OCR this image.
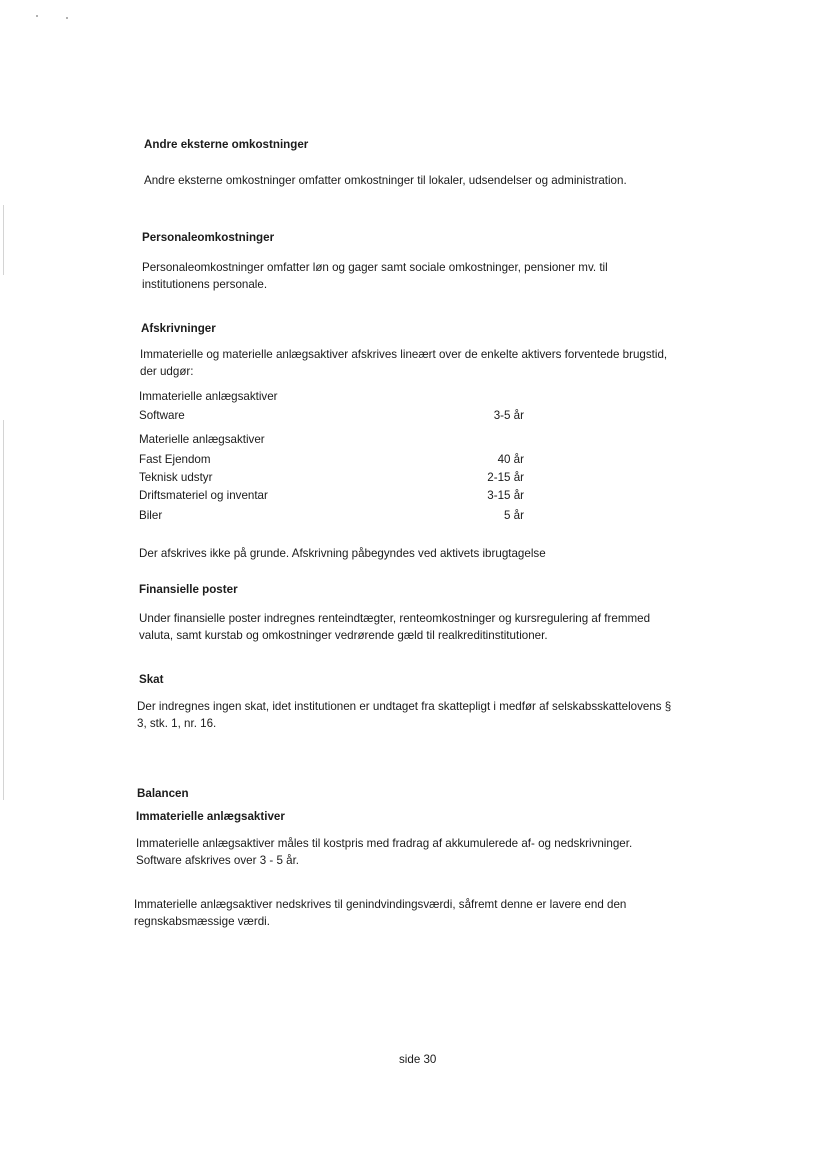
Andre eksterne omkostninger
Andre eksterne omkostninger omfatter omkostninger til lokaler, udsendelser og administration.
Personaleomkostninger
Personaleomkostninger omfatter løn og gager samt sociale omkostninger, pensioner mv. til
institutionens personale.
Afskrivninger
Immaterielle og materielle anlægsaktiver afskrives lineært over de enkelte aktivers forventede brugstid,
der udgør:
Immaterielle anlægsaktiver
Software	3-5 år
Materielle anlægsaktiver
Fast Ejendom	40 år
Teknisk udstyr	2-15 år
Driftsmateriel og inventar	3-15 år
Biler	5 år
Der afskrives ikke på grunde. Afskrivning påbegyndes ved aktivets ibrugtagelse
Finansielle poster
Under finansielle poster indregnes renteindtægter, renteomkostninger og kursregulering af fremmed
valuta, samt kurstab og omkostninger vedrørende gæld til realkreditinstitutioner.
Skat
Der indregnes ingen skat, idet institutionen er undtaget fra skattepligt i medfør af selskabsskattelovens §
3, stk. 1, nr. 16.
Balancen
Immaterielle anlægsaktiver
Immaterielle anlægsaktiver måles til kostpris med fradrag af akkumulerede af- og nedskrivninger.
Software afskrives over 3 - 5 år.
Immaterielle anlægsaktiver nedskrives til genindvindingsværdi, såfremt denne er lavere end den
regnskabsmæssige værdi.
side 30
